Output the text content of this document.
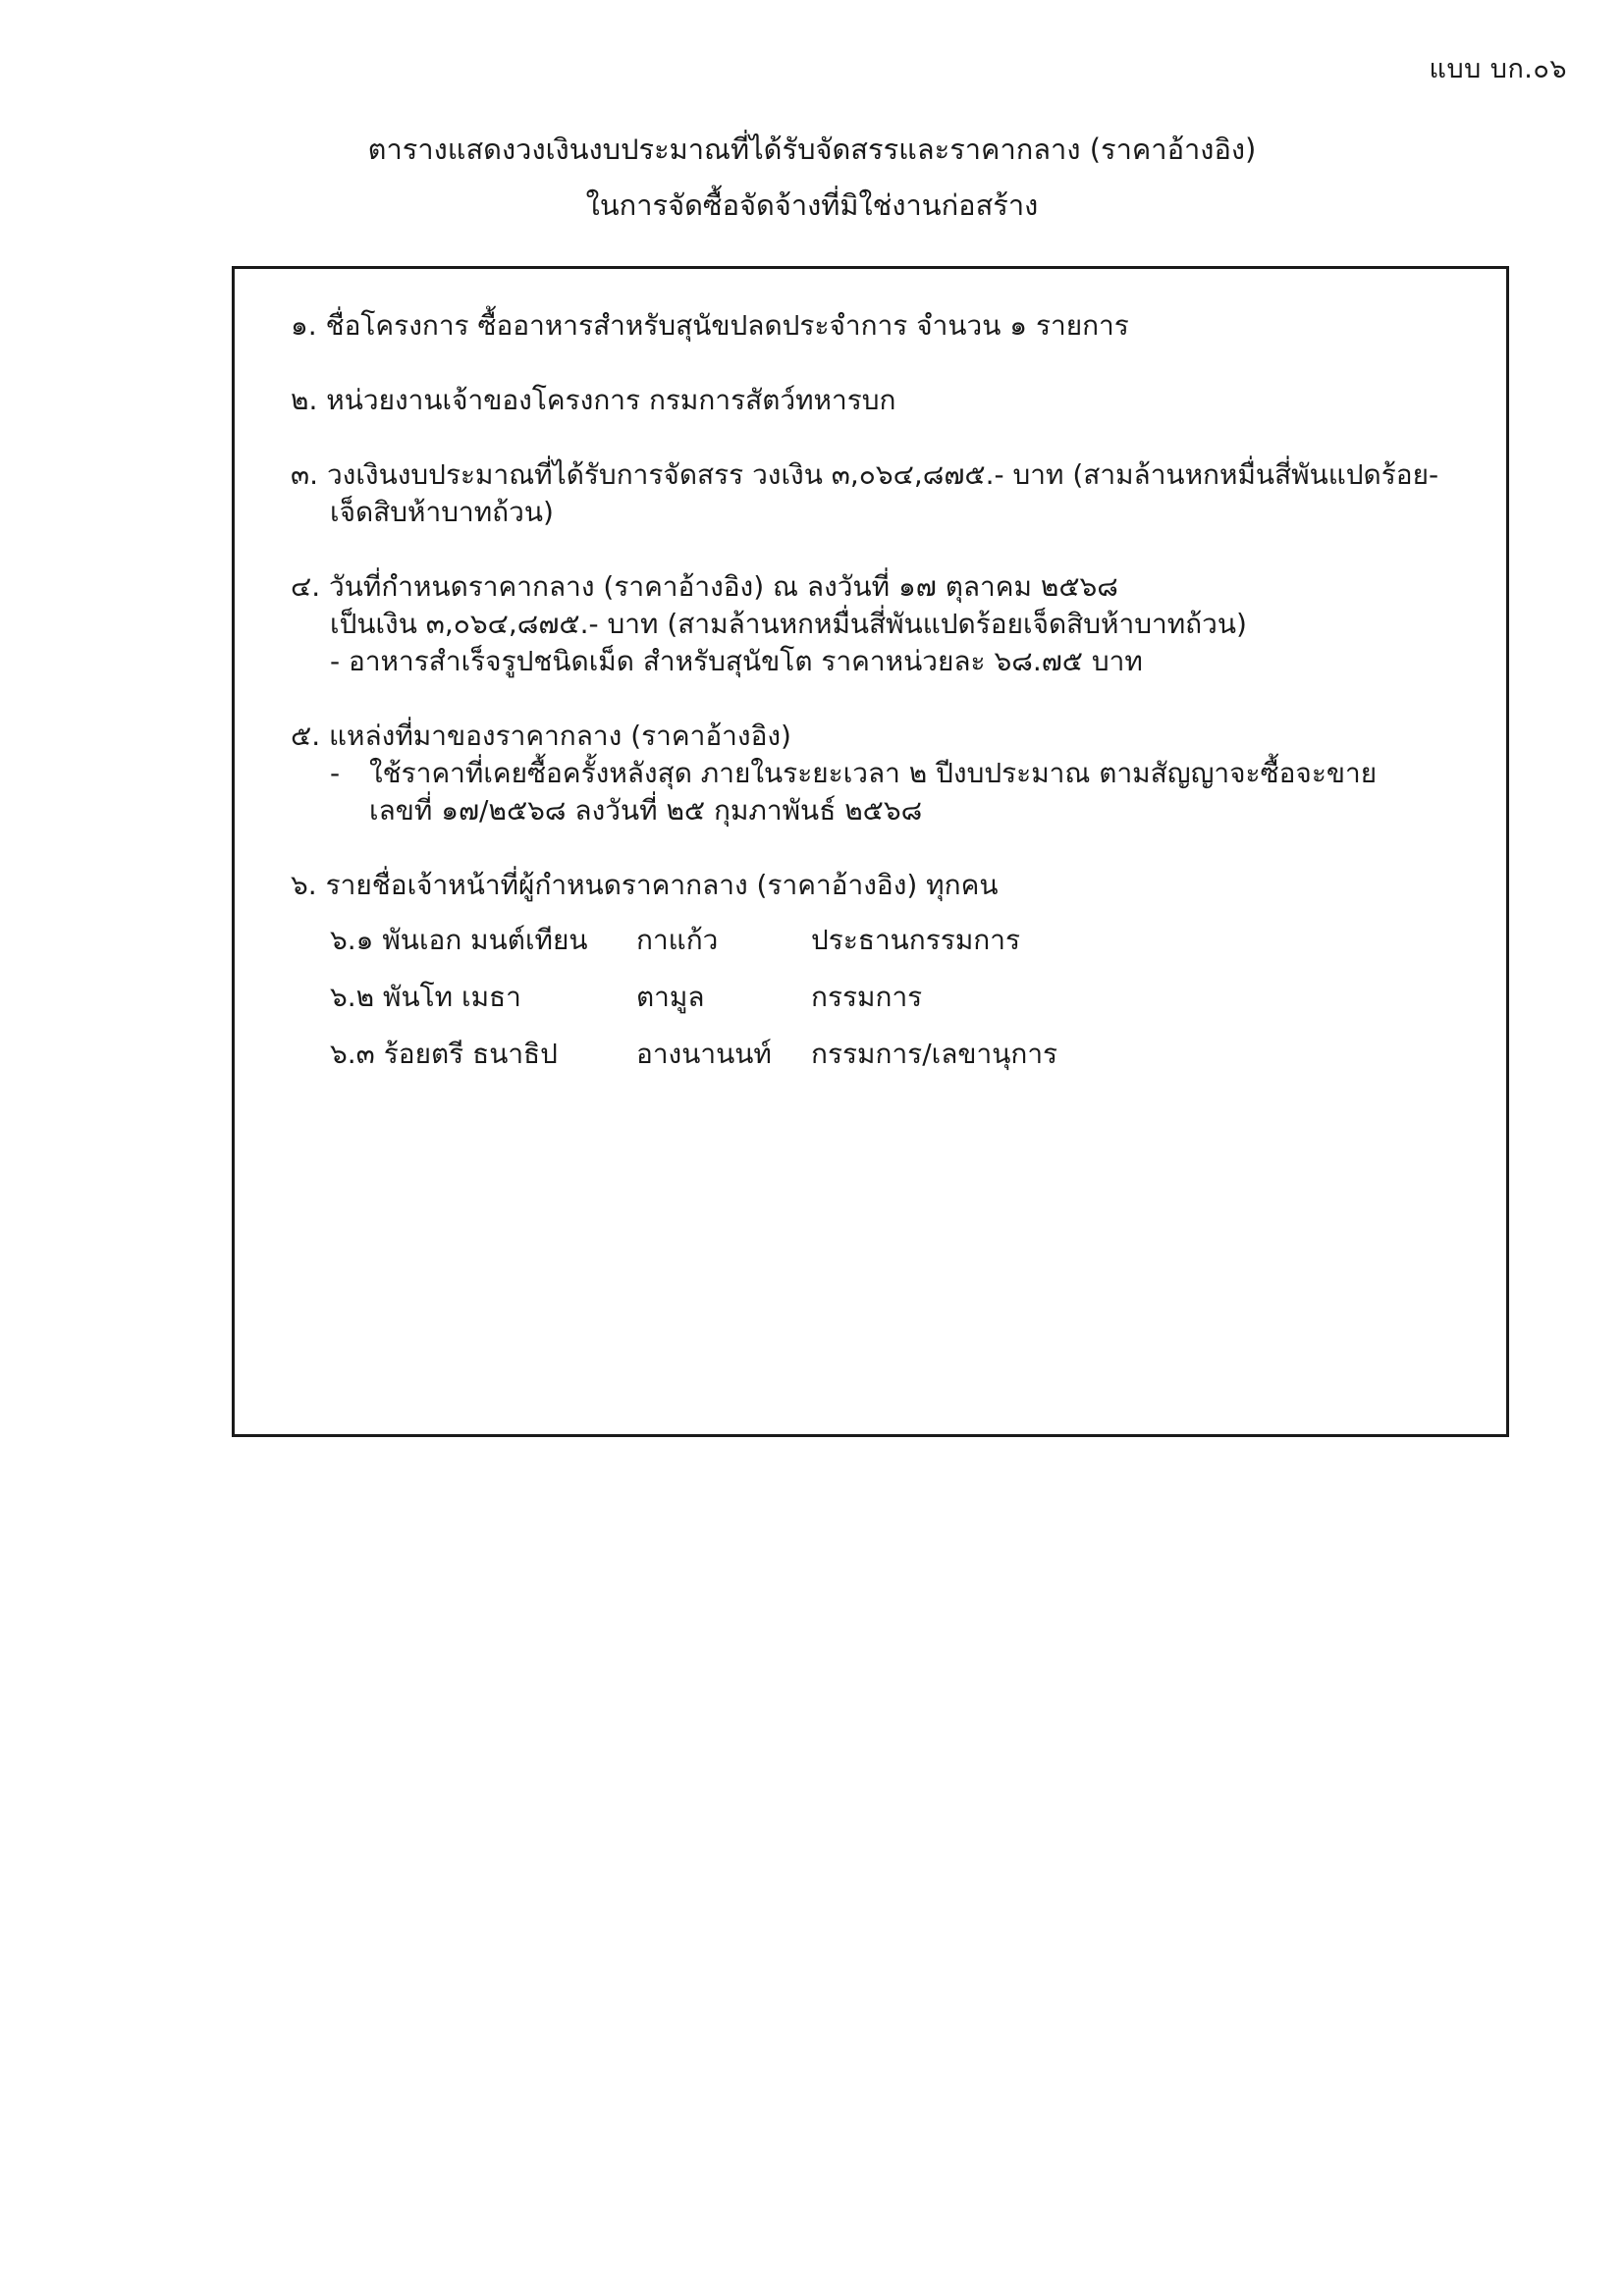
แบบ บก.๐๖
ตารางแสดงวงเงินงบประมาณที่ได้รับจัดสรรและราคากลาง (ราคาอ้างอิง)
ในการจัดซื้อจัดจ้างที่มิใช่งานก่อสร้าง
๑. ชื่อโครงการ ซื้ออาหารสำหรับสุนัขปลดประจำการ จำนวน ๑ รายการ
๒. หน่วยงานเจ้าของโครงการ กรมการสัตว์ทหารบก
๓. วงเงินงบประมาณที่ได้รับการจัดสรร วงเงิน ๓,๐๖๔,๘๗๕.- บาท (สามล้านหกหมื่นสี่พันแปดร้อย-
เจ็ดสิบห้าบาทถ้วน)
๔. วันที่กำหนดราคากลาง (ราคาอ้างอิง) ณ ลงวันที่ ๑๗ ตุลาคม ๒๕๖๘
เป็นเงิน ๓,๐๖๔,๘๗๕.- บาท (สามล้านหกหมื่นสี่พันแปดร้อยเจ็ดสิบห้าบาทถ้วน)
- อาหารสำเร็จรูปชนิดเม็ด สำหรับสุนัขโต ราคาหน่วยละ ๖๘.๗๕ บาท
๕. แหล่งที่มาของราคากลาง (ราคาอ้างอิง)
-	ใช้ราคาที่เคยซื้อครั้งหลังสุด ภายในระยะเวลา ๒ ปีงบประมาณ ตามสัญญาจะซื้อจะขาย
เลขที่ ๑๗/๒๕๖๘ ลงวันที่ ๒๕ กุมภาพันธ์ ๒๕๖๘
๖. รายชื่อเจ้าหน้าที่ผู้กำหนดราคากลาง (ราคาอ้างอิง) ทุกคน
๖.๑ พันเอก มนต์เทียน	กาแก้ว	ประธานกรรมการ
๖.๒ พันโท เมธา	ตามูล	กรรมการ
๖.๓ ร้อยตรี ธนาธิป	อางนานนท์	กรรมการ/เลขานุการ
